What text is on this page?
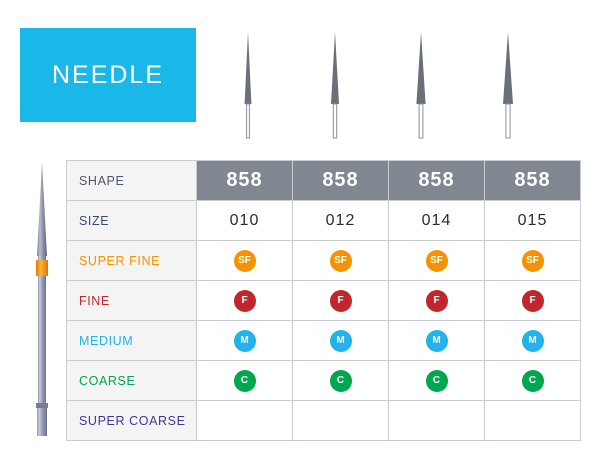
NEEDLE
SHAPE	858	858	858	858
SIZE	010	012	014	015
SUPER FINE	SF	SF	SF	SF
FINE	F	F	F	F
MEDIUM	M	M	M	M
COARSE	C	C	C	C
SUPER COARSE				
